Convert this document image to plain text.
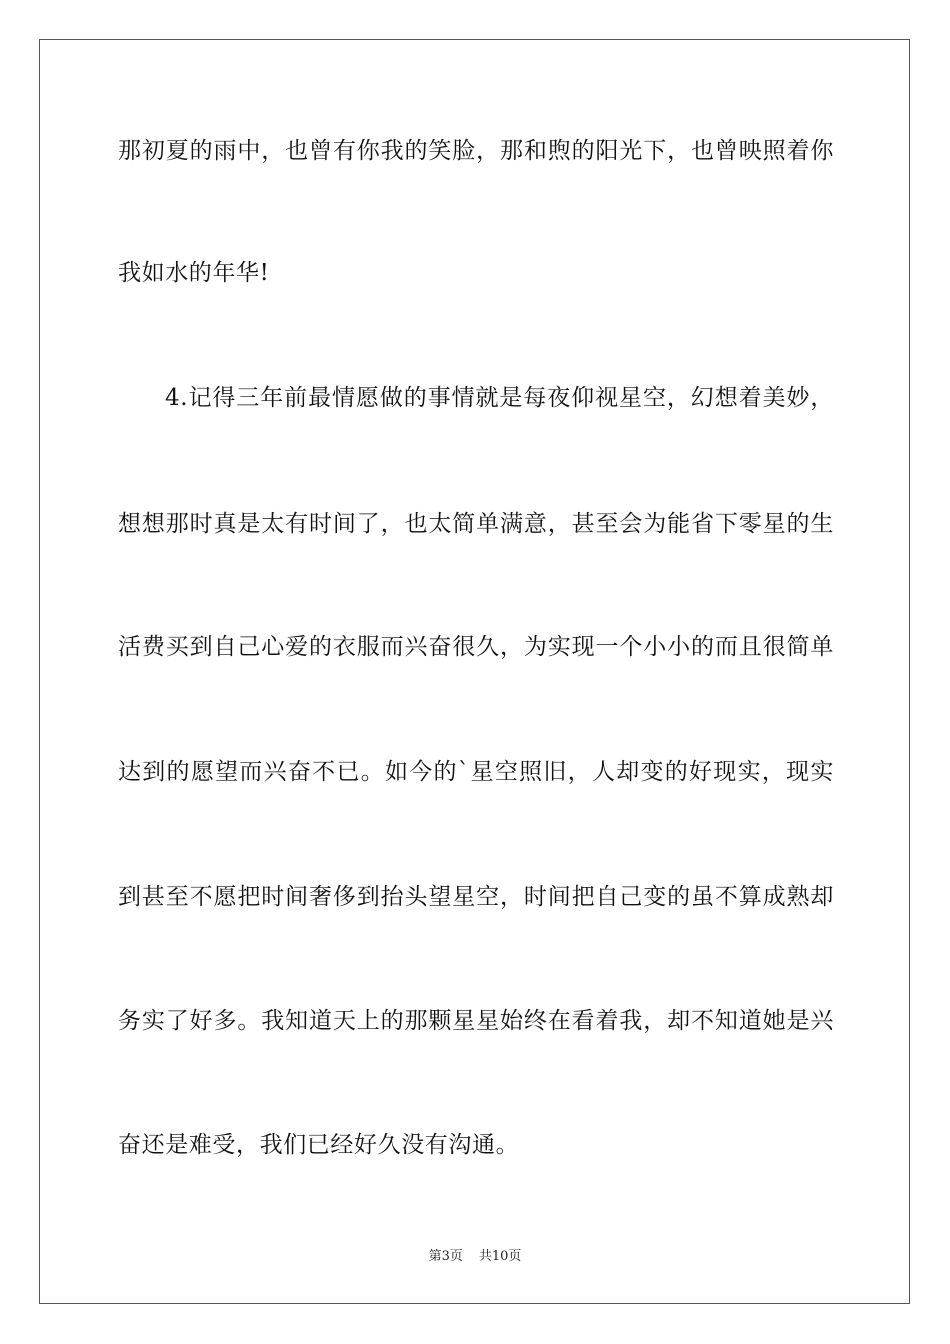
那初夏的雨中，也曾有你我的笑脸，那和煦的阳光下，也曾映照着你
我如水的年华!
4.记得三年前最情愿做的事情就是每夜仰视星空，幻想着美妙，
想想那时真是太有时间了，也太简单满意，甚至会为能省下零星的生
活费买到自己心爱的衣服而兴奋很久，为实现一个小小的而且很简单
达到的愿望而兴奋不已。如今的`星空照旧，人却变的好现实，现实
到甚至不愿把时间奢侈到抬头望星空，时间把自己变的虽不算成熟却
务实了好多。我知道天上的那颗星星始终在看着我，却不知道她是兴
奋还是难受，我们已经好久没有沟通。
第3页 共10页
